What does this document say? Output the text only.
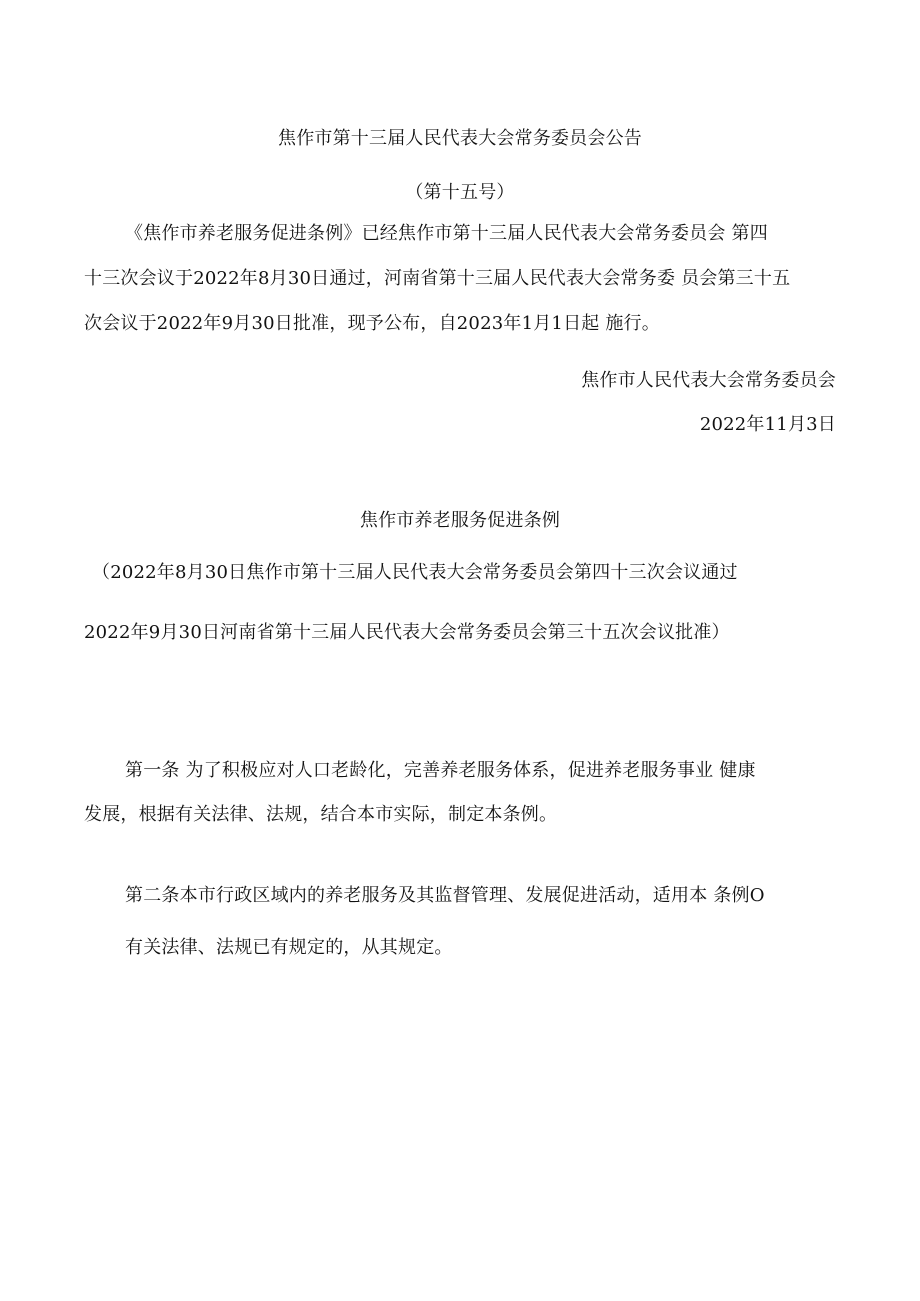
焦作市第十三届人民代表大会常务委员会公告
（第十五号）
《焦作市养老服务促进条例》已经焦作市第十三届人民代表大会常务委员会 第四
十三次会议于2022年8月30日通过，河南省第十三届人民代表大会常务委 员会第三十五
次会议于2022年9月30日批准，现予公布，自2023年1月1日起 施行。
焦作市人民代表大会常务委员会
2022年11月3日
焦作市养老服务促进条例
（2022年8月30日焦作市第十三届人民代表大会常务委员会第四十三次会议通过
2022年9月30日河南省第十三届人民代表大会常务委员会第三十五次会议批准）
第一条 为了积极应对人口老龄化，完善养老服务体系，促进养老服务事业 健康
发展，根据有关法律、法规，结合本市实际，制定本条例。
第二条本市行政区域内的养老服务及其监督管理、发展促进活动，适用本 条例O
有关法律、法规已有规定的，从其规定。
